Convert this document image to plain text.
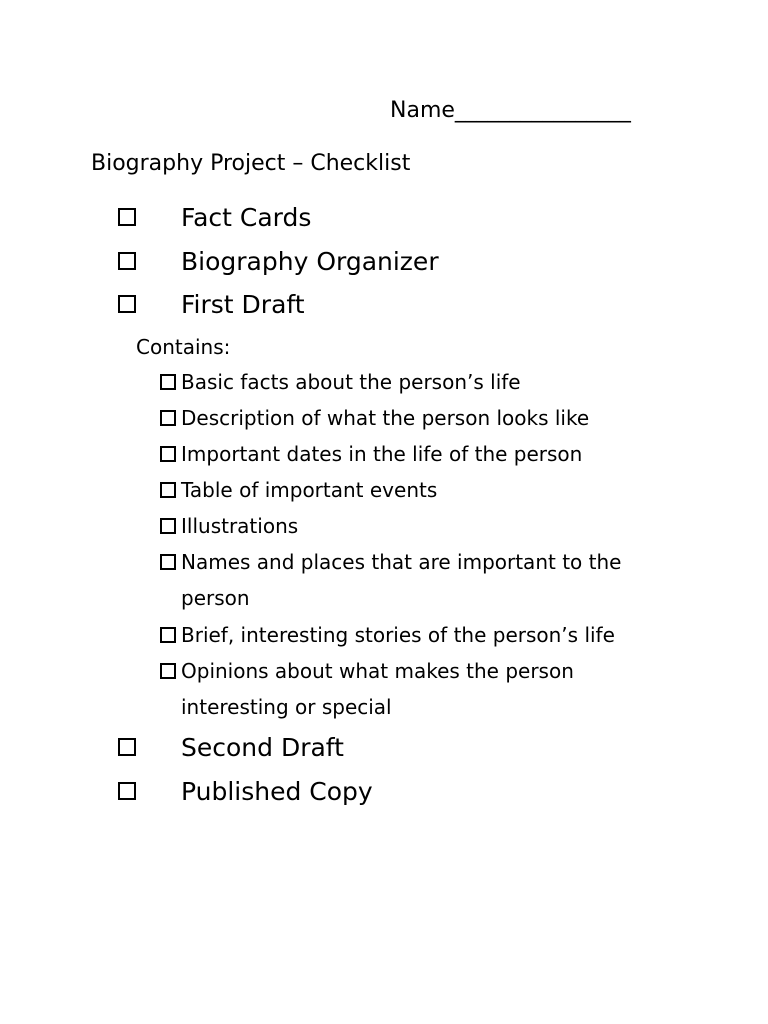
Name________________
Biography Project – Checklist
Fact Cards
Biography Organizer
First Draft
Contains:
Basic facts about the person’s life
Description of what the person looks like
Important dates in the life of the person
Table of important events
Illustrations
Names and places that are important to the person
Brief, interesting stories of the person’s life
Opinions about what makes the person interesting or special
Second Draft
Published Copy
